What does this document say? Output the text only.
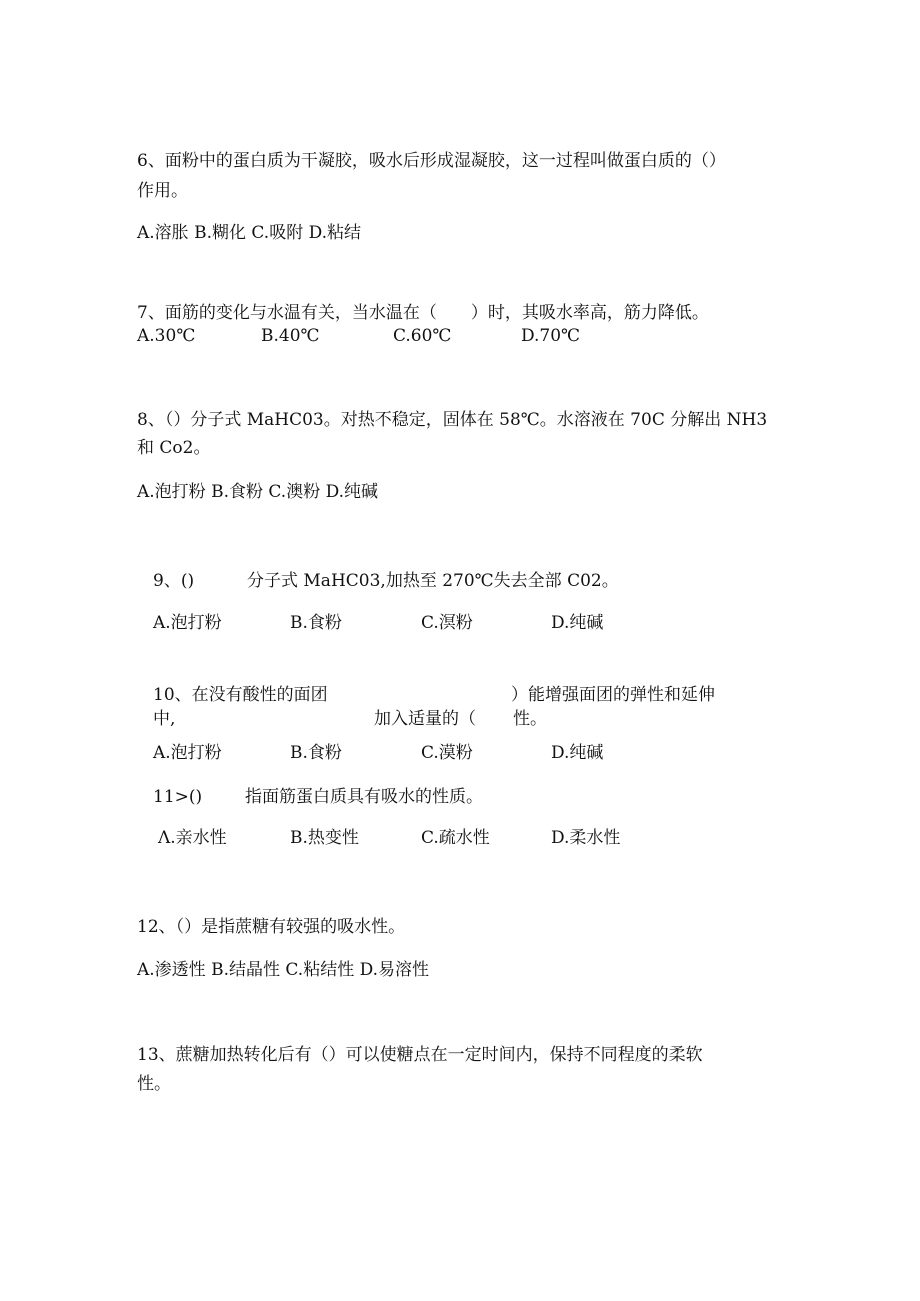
6、面粉中的蛋白质为干凝胶，吸水后形成湿凝胶，这一过程叫做蛋白质的（）
作用。
A.溶胀 B.糊化 C.吸附 D.粘结
7、面筋的变化与水温有关，当水温在（　　）时，其吸水率高，筋力降低。
A.30℃	B.40℃	C.60℃	D.70℃
8、（）分子式 MaHC03。对热不稳定，固体在 58℃。水溶液在 70C 分解出 NH3
和 Co2。
A.泡打粉 B.食粉 C.澳粉 D.纯碱
9、()	分子式 MaHC03,加热至 270℃失去全部 C02。
A.泡打粉	B.食粉	C.溟粉	D.纯碱
10、在没有酸性的面团
中,	加入适量的（
）能增强面团的弹性和延伸
性。
A.泡打粉	B.食粉	C.漠粉	D.纯碱
11>()	指面筋蛋白质具有吸水的性质。
Λ.亲水性	B.热变性	C.疏水性	D.柔水性
12、（）是指蔗糖有较强的吸水性。
A.渗透性 B.结晶性 C.粘结性 D.易溶性
13、蔗糖加热转化后有（）可以使糖点在一定时间内，保持不同程度的柔软
性。
